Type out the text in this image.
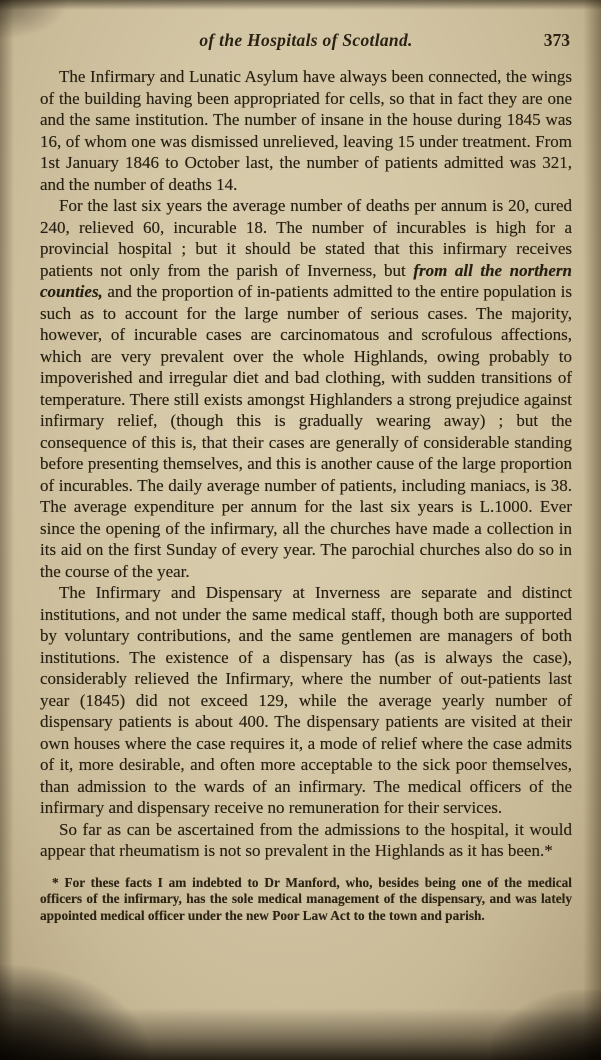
of the Hospitals of Scotland.	373

The Infirmary and Lunatic Asylum have always been connected, the wings of the building having been appropriated for cells, so that in fact they are one and the same institution. The number of insane in the house during 1845 was 16, of whom one was dismissed unrelieved, leaving 15 under treatment. From 1st January 1846 to October last, the number of patients admitted was 321, and the number of deaths 14.

For the last six years the average number of deaths per annum is 20, cured 240, relieved 60, incurable 18. The number of incurables is high for a provincial hospital ; but it should be stated that this infirmary receives patients not only from the parish of Inverness, but from all the northern counties, and the proportion of in-patients admitted to the entire population is such as to account for the large number of serious cases. The majority, however, of incurable cases are carcinomatous and scrofulous affections, which are very prevalent over the whole Highlands, owing probably to impoverished and irregular diet and bad clothing, with sudden transitions of temperature. There still exists amongst Highlanders a strong prejudice against infirmary relief, (though this is gradually wearing away) ; but the consequence of this is, that their cases are generally of considerable standing before presenting themselves, and this is another cause of the large proportion of incurables. The daily average number of patients, including maniacs, is 38. The average expenditure per annum for the last six years is L.1000. Ever since the opening of the infirmary, all the churches have made a collection in its aid on the first Sunday of every year. The parochial churches also do so in the course of the year.

The Infirmary and Dispensary at Inverness are separate and distinct institutions, and not under the same medical staff, though both are supported by voluntary contributions, and the same gentlemen are managers of both institutions. The existence of a dispensary has (as is always the case), considerably relieved the Infirmary, where the number of out-patients last year (1845) did not exceed 129, while the average yearly number of dispensary patients is about 400. The dispensary patients are visited at their own houses where the case requires it, a mode of relief where the case admits of it, more desirable, and often more acceptable to the sick poor themselves, than admission to the wards of an infirmary. The medical officers of the infirmary and dispensary receive no remuneration for their services.

So far as can be ascertained from the admissions to the hospital, it would appear that rheumatism is not so prevalent in the Highlands as it has been.*

* For these facts I am indebted to Dr Manford, who, besides being one of the medical officers of the infirmary, has the sole medical management of the dispensary, and was lately appointed medical officer under the new Poor Law Act to the town and parish.
